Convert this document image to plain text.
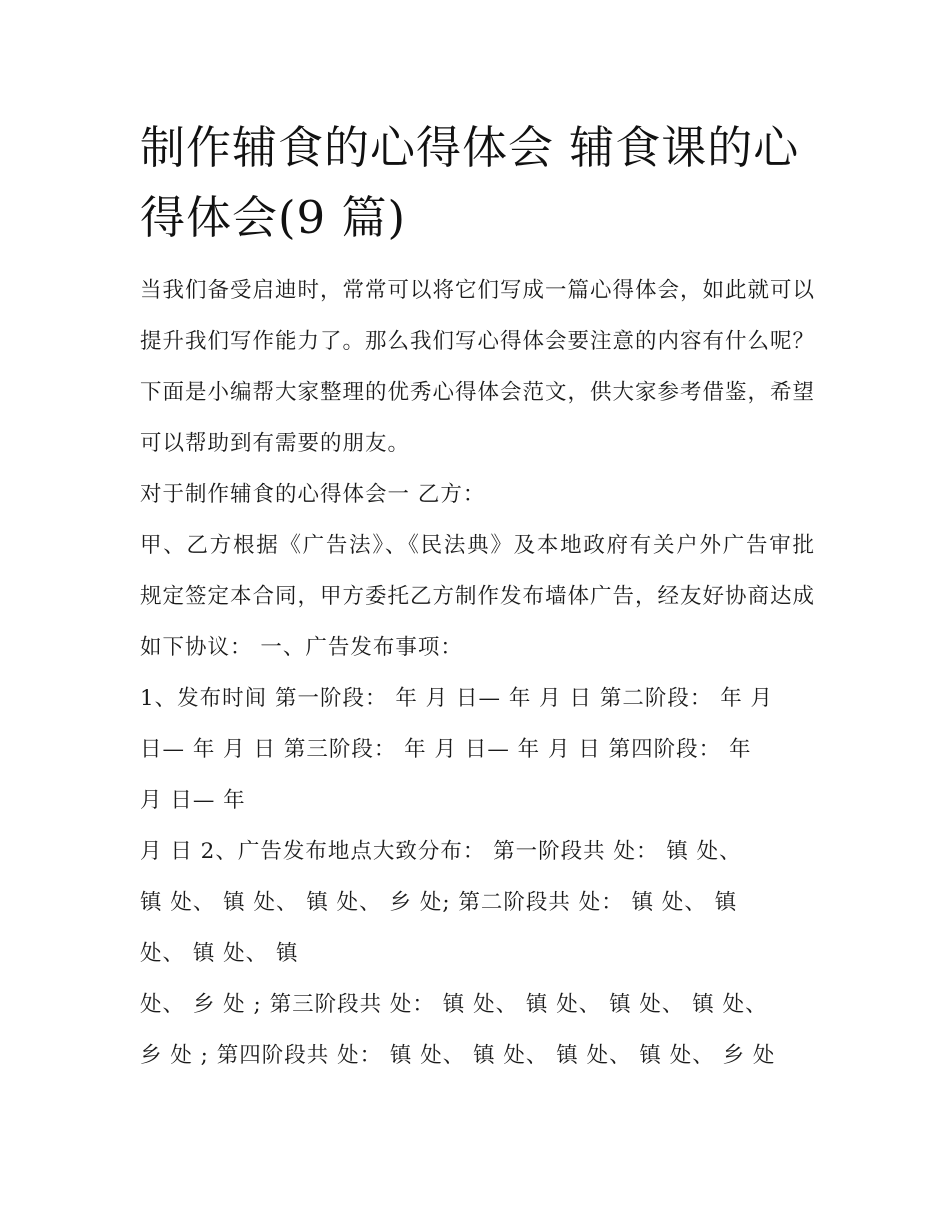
制作辅食的心得体会 辅食课的心得体会(9 篇)

当我们备受启迪时，常常可以将它们写成一篇心得体会，如此就可以提升我们写作能力了。那么我们写心得体会要注意的内容有什么呢？下面是小编帮大家整理的优秀心得体会范文，供大家参考借鉴，希望可以帮助到有需要的朋友。

对于制作辅食的心得体会一 乙方：

甲、乙方根据《广告法》、《民法典》及本地政府有关户外广告审批规定签定本合同，甲方委托乙方制作发布墙体广告，经友好协商达成如下协议： 一、广告发布事项：

1、发布时间 第一阶段： 年 月 日— 年 月 日 第二阶段： 年 月

日— 年 月 日 第三阶段： 年 月 日— 年 月 日 第四阶段： 年

月 日— 年

月 日 2、广告发布地点大致分布： 第一阶段共 处： 镇 处、

镇 处、 镇 处、 镇 处、 乡 处; 第二阶段共 处： 镇 处、 镇

处、 镇 处、 镇

处、 乡 处 ; 第三阶段共 处： 镇 处、 镇 处、 镇 处、 镇 处、

乡 处 ; 第四阶段共 处： 镇 处、 镇 处、 镇 处、 镇 处、 乡 处
